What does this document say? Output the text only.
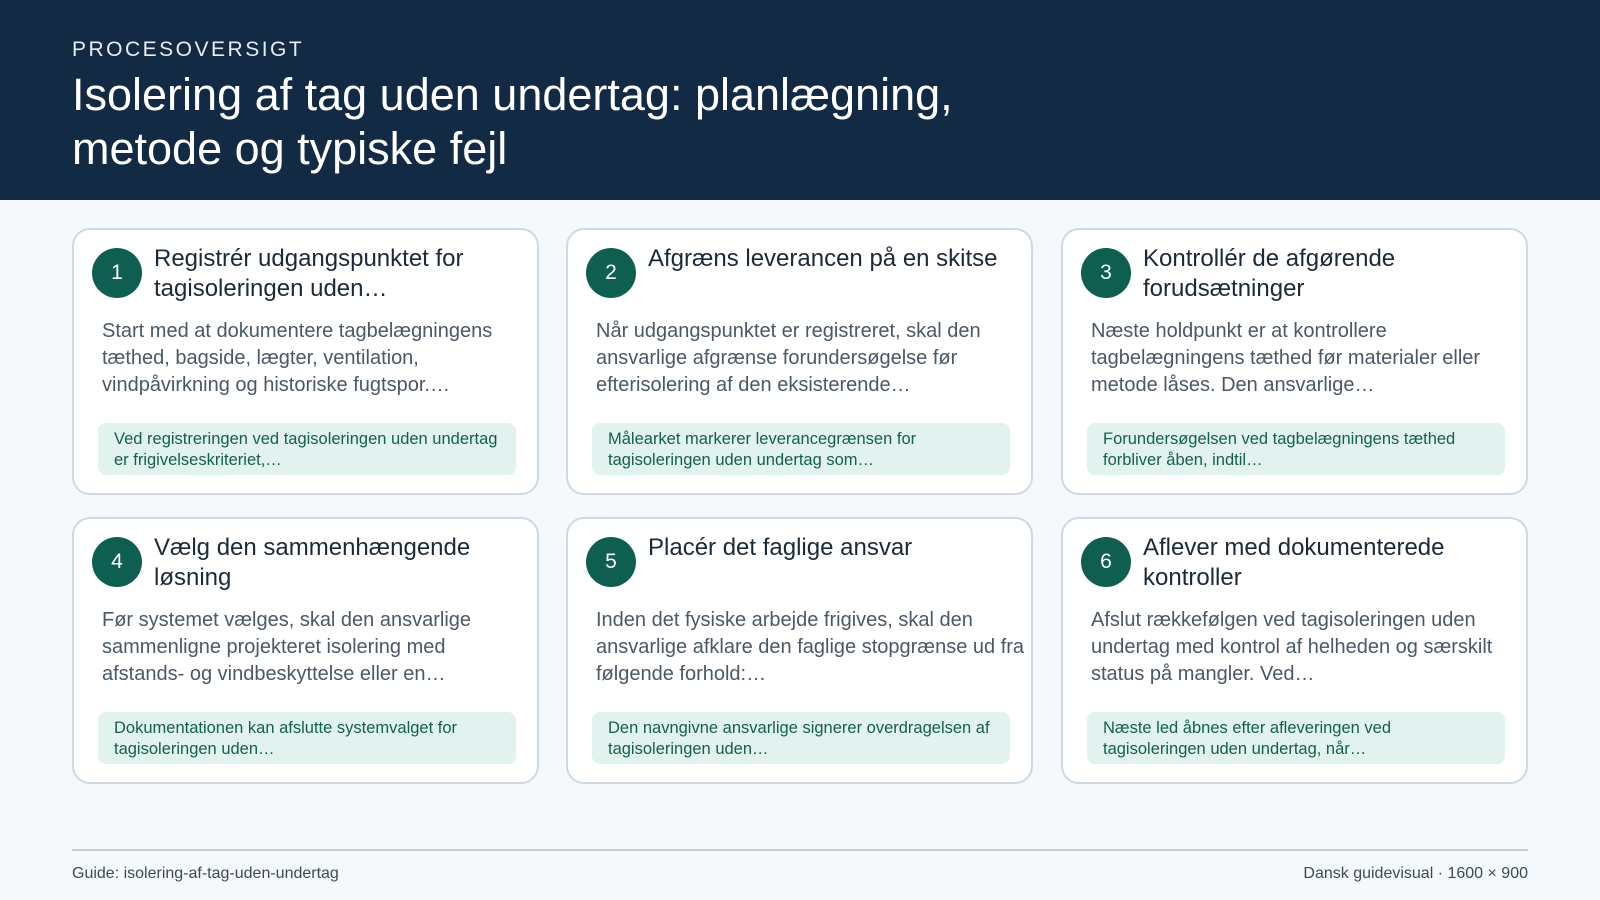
PROCESOVERSIGT
Isolering af tag uden undertag: planlægning, metode og typiske fejl
1
Registrér udgangspunktet for tagisoleringen uden…
Start med at dokumentere tagbelægningens tæthed, bagside, lægter, ventilation, vindpåvirkning og historiske fugtspor.…
Ved registreringen ved tagisoleringen uden undertag er frigivelseskriteriet,…
2
Afgræns leverancen på en skitse
Når udgangspunktet er registreret, skal den ansvarlige afgrænse forundersøgelse før efterisolering af den eksisterende…
Målearket markerer leverancegrænsen for tagisoleringen uden undertag som…
3
Kontrollér de afgørende forudsætninger
Næste holdpunkt er at kontrollere tagbelægningens tæthed før materialer eller metode låses. Den ansvarlige…
Forundersøgelsen ved tagbelægningens tæthed forbliver åben, indtil…
4
Vælg den sammenhængende løsning
Før systemet vælges, skal den ansvarlige sammenligne projekteret isolering med afstands- og vindbeskyttelse eller en…
Dokumentationen kan afslutte systemvalget for tagisoleringen uden…
5
Placér det faglige ansvar
Inden det fysiske arbejde frigives, skal den ansvarlige afklare den faglige stopgrænse ud fra følgende forhold:…
Den navngivne ansvarlige signerer overdragelsen af tagisoleringen uden…
6
Aflever med dokumenterede kontroller
Afslut rækkefølgen ved tagisoleringen uden undertag med kontrol af helheden og særskilt status på mangler. Ved…
Næste led åbnes efter afleveringen ved tagisoleringen uden undertag, når…
Guide: isolering-af-tag-uden-undertag	Dansk guidevisual · 1600 × 900
